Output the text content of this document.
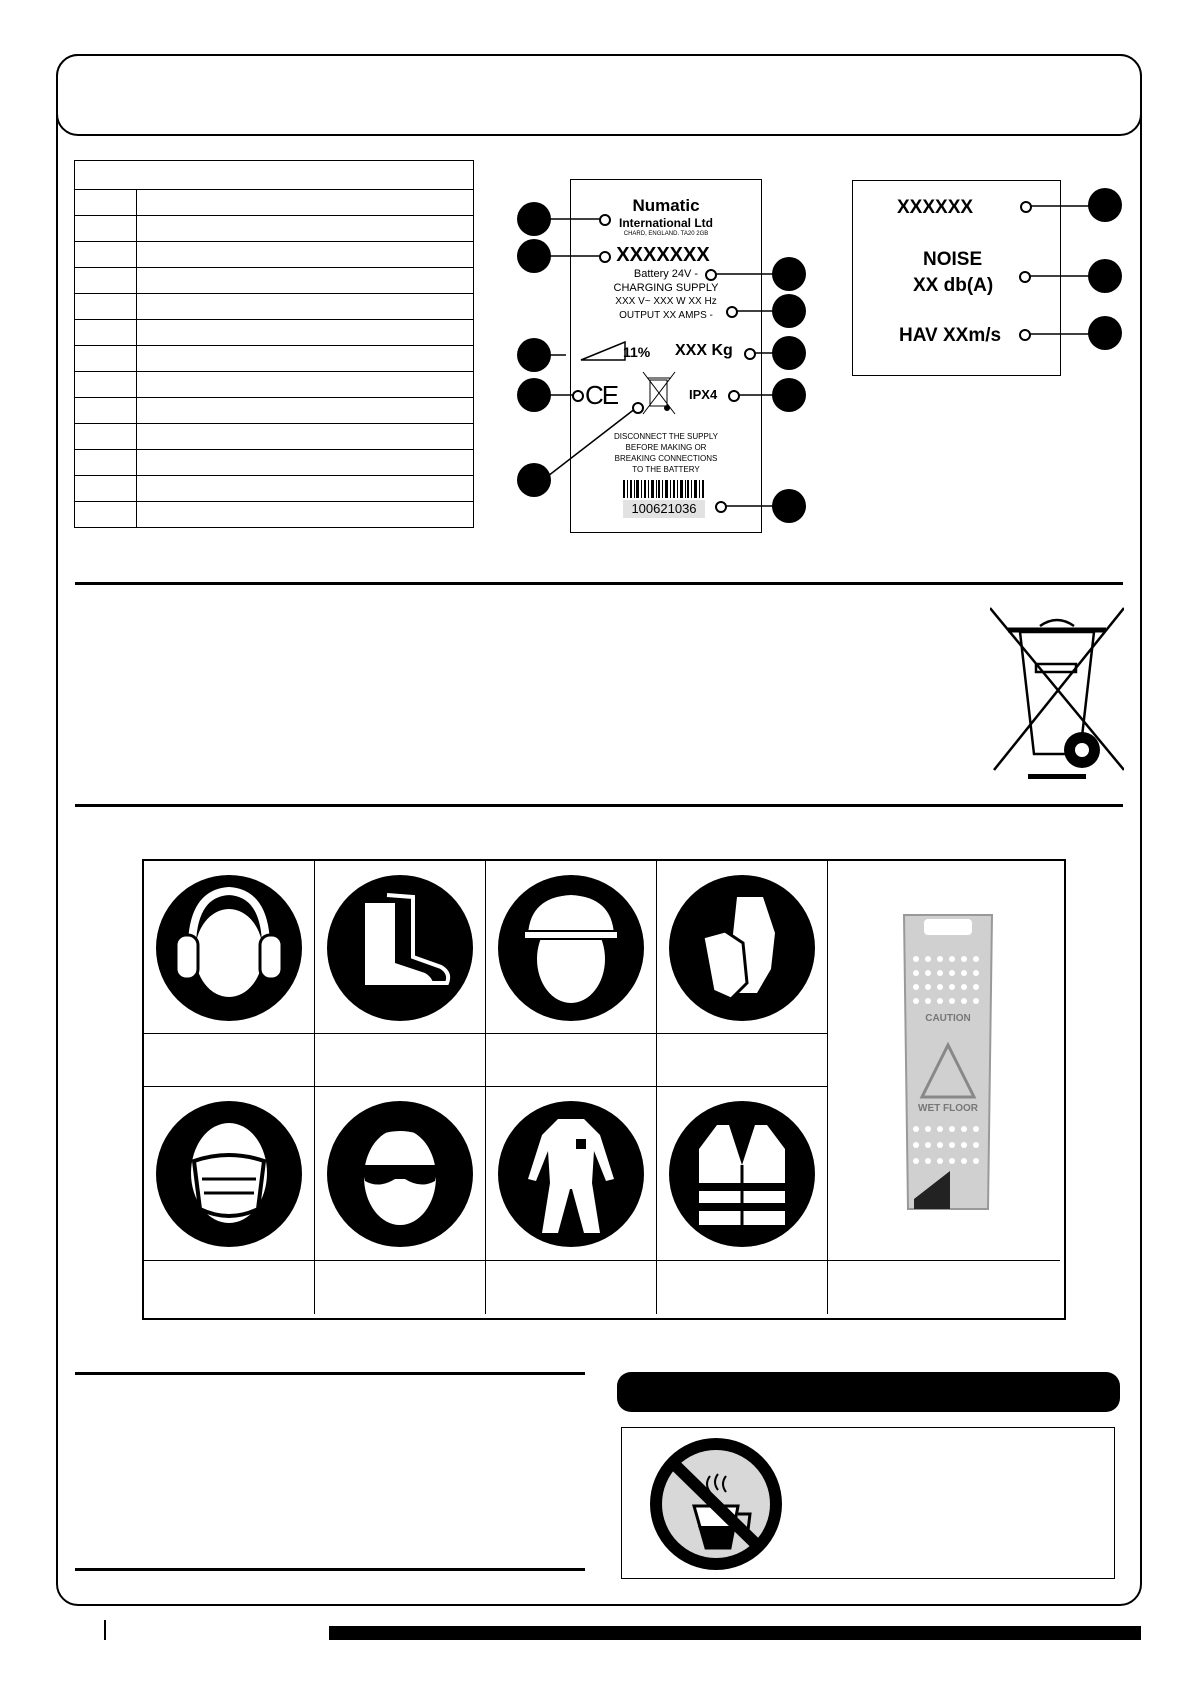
Numatic
International Ltd
CHARD, ENGLAND. TA20 2GB
XXXXXXX
Battery 24V -
CHARGING SUPPLY
XXX V~ XXX W XX Hz
OUTPUT XX AMPS -
11% XXX Kg
CE	IPX4
DISCONNECT THE SUPPLY
BEFORE MAKING OR
BREAKING CONNECTIONS
TO THE BATTERY
100621036
XXXXXX
NOISE
XX db(A)
HAV XXm/s
CAUTION
WET FLOOR
